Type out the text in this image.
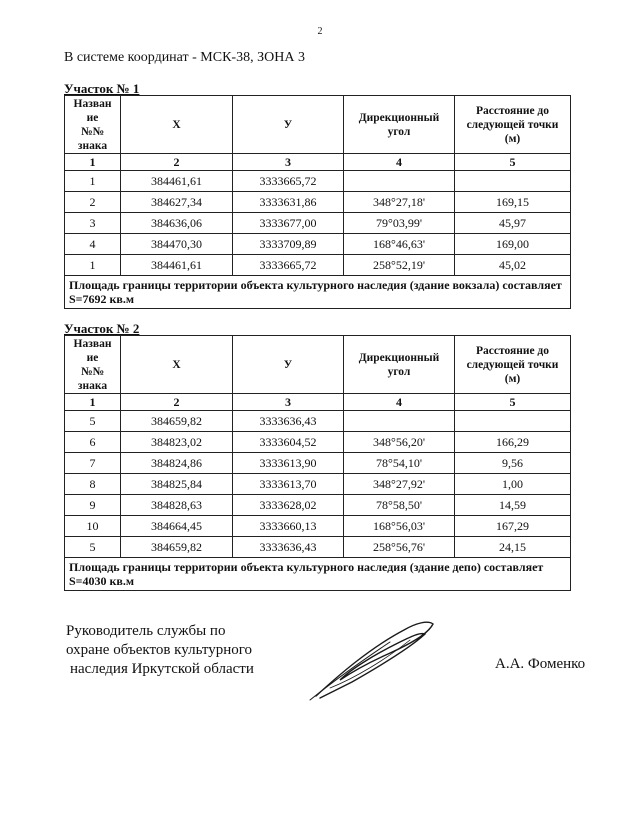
2
В системе координат - МСК-38, ЗОНА 3
Участок № 1
Назван
ие
№№
знака	Х	У	Дирекционный
угол	Расстояние до
следующей точки
(м)
1	2	3	4	5
1	384461,61	3333665,72		
2	384627,34	3333631,86	348°27,18'	169,15
3	384636,06	3333677,00	79°03,99'	45,97
4	384470,30	3333709,89	168°46,63'	169,00
1	384461,61	3333665,72	258°52,19'	45,02
Площадь границы территории объекта культурного наследия (здание вокзала) составляет S=7692 кв.м				
Участок № 2
Назван
ие
№№
знака	Х	У	Дирекционный
угол	Расстояние до
следующей точки
(м)
1	2	3	4	5
5	384659,82	3333636,43		
6	384823,02	3333604,52	348°56,20'	166,29
7	384824,86	3333613,90	78°54,10'	9,56
8	384825,84	3333613,70	348°27,92'	1,00
9	384828,63	3333628,02	78°58,50'	14,59
10	384664,45	3333660,13	168°56,03'	167,29
5	384659,82	3333636,43	258°56,76'	24,15
Площадь границы территории объекта культурного наследия (здание депо) составляет S=4030 кв.м				
Руководитель службы по
охране объектов культурного
наследия Иркутской области	А.А. Фоменко
